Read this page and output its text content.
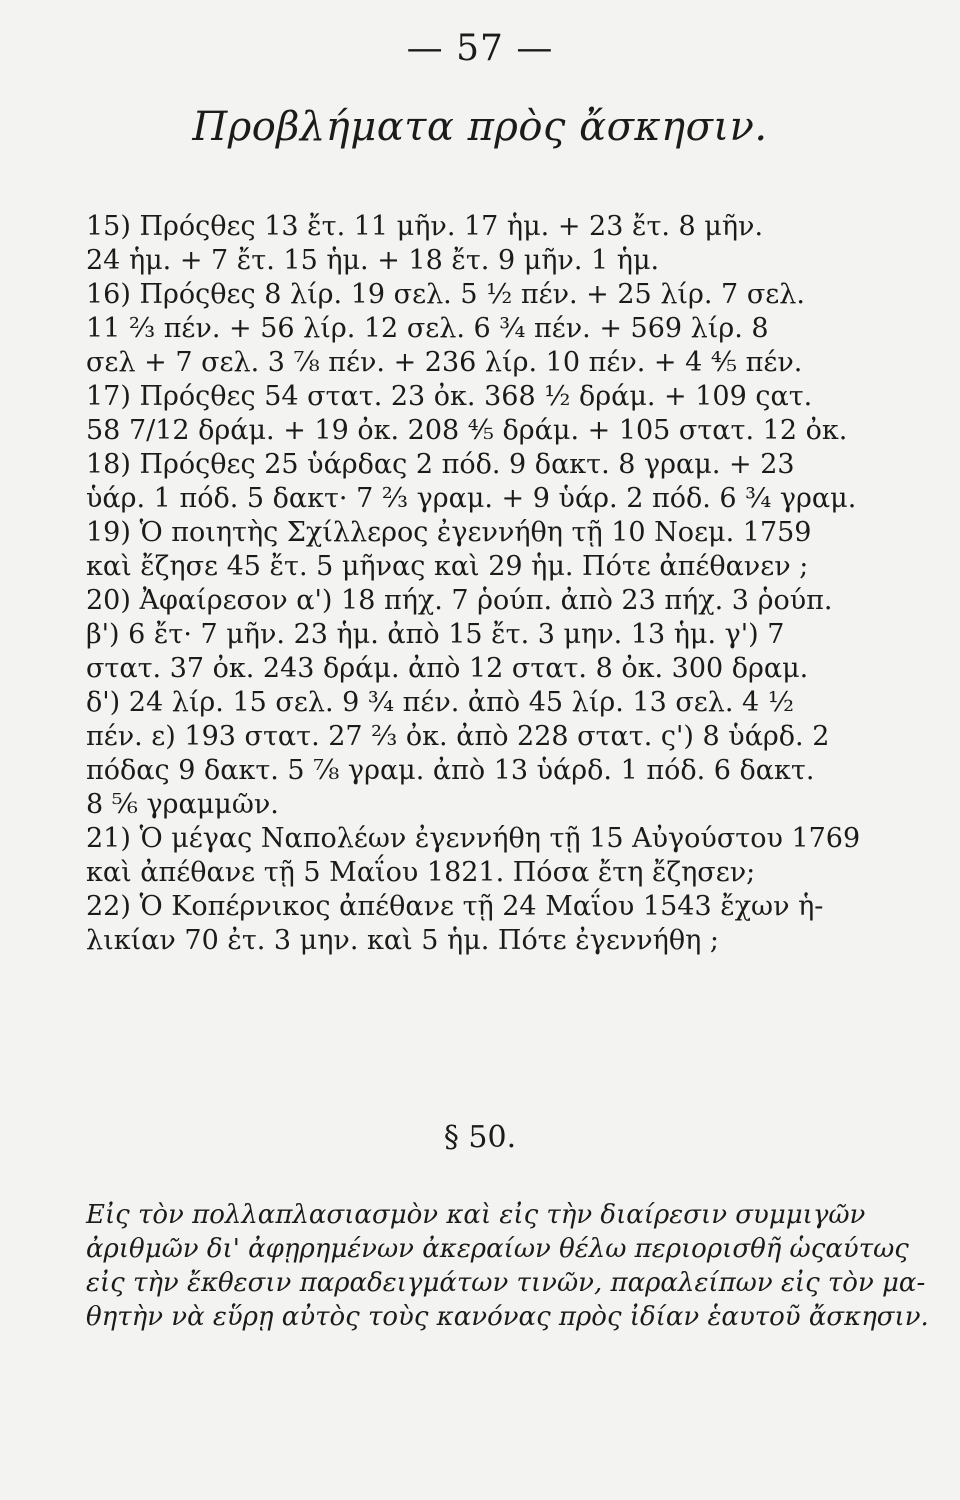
— 57 —
Προβλήματα πρὸς ἄσκησιν.
15) Πρόςθες 13 ἔτ. 11 μῆν. 17 ἡμ. + 23 ἔτ. 8 μῆν.
24 ἡμ. + 7 ἔτ. 15 ἡμ. + 18 ἔτ. 9 μῆν. 1 ἡμ.
16) Πρόςθες 8 λίρ. 19 σελ. 5 ½ πέν. + 25 λίρ. 7 σελ.
11 ⅔ πέν. + 56 λίρ. 12 σελ. 6 ¾ πέν. + 569 λίρ. 8
σελ + 7 σελ. 3 ⅞ πέν. + 236 λίρ. 10 πέν. + 4 ⅘ πέν.
17) Πρόςθες 54 στατ. 23 ὀκ. 368 ½ δράμ. + 109 ςατ.
58 7/12 δράμ. + 19 ὀκ. 208 ⅘ δράμ. + 105 στατ. 12 ὀκ.
18) Πρόςθες 25 ὑάρδας 2 πόδ. 9 δακτ. 8 γραμ. + 23
ὑάρ. 1 πόδ. 5 δακτ· 7 ⅔ γραμ. + 9 ὑάρ. 2 πόδ. 6 ¾ γραμ.
19) Ὁ ποιητὴς Σχίλλερος ἐγεννήθη τῇ 10 Νοεμ. 1759
καὶ ἔζησε 45 ἔτ. 5 μῆνας καὶ 29 ἡμ. Πότε ἀπέθανεν ;
20) Ἀφαίρεσον α') 18 πήχ. 7 ῥούπ. ἀπὸ 23 πήχ. 3 ῥούπ.
β') 6 ἔτ· 7 μῆν. 23 ἡμ. ἀπὸ 15 ἔτ. 3 μην. 13 ἡμ. γ') 7
στατ. 37 ὀκ. 243 δράμ. ἀπὸ 12 στατ. 8 ὀκ. 300 δραμ.
δ') 24 λίρ. 15 σελ. 9 ¾ πέν. ἀπὸ 45 λίρ. 13 σελ. 4 ½
πέν. ε) 193 στατ. 27 ⅔ ὀκ. ἀπὸ 228 στατ. ς') 8 ὑάρδ. 2
πόδας 9 δακτ. 5 ⅞ γραμ. ἀπὸ 13 ὑάρδ. 1 πόδ. 6 δακτ.
8 ⅚ γραμμῶν.
21) Ὁ μέγας Ναπολέων ἐγεννήθη τῇ 15 Αὐγούστου 1769
καὶ ἀπέθανε τῇ 5 Μαΐου 1821. Πόσα ἔτη ἔζησεν;
22) Ὁ Κοπέρνικος ἀπέθανε τῇ 24 Μαΐου 1543 ἔχων ἡ-
λικίαν 70 ἐτ. 3 μην. καὶ 5 ἡμ. Πότε ἐγεννήθη ;
§ 50.
Εἰς τὸν πολλαπλασιασμὸν καὶ εἰς τὴν διαίρεσιν συμμιγῶν
ἀριθμῶν δι' ἀφῃρημένων ἀκεραίων θέλω περιορισθῆ ὡςαύτως
εἰς τὴν ἔκθεσιν παραδειγμάτων τινῶν, παραλείπων εἰς τὸν μα-
θητὴν νὰ εὕρῃ αὐτὸς τοὺς κανόνας πρὸς ἰδίαν ἑαυτοῦ ἄσκησιν.
